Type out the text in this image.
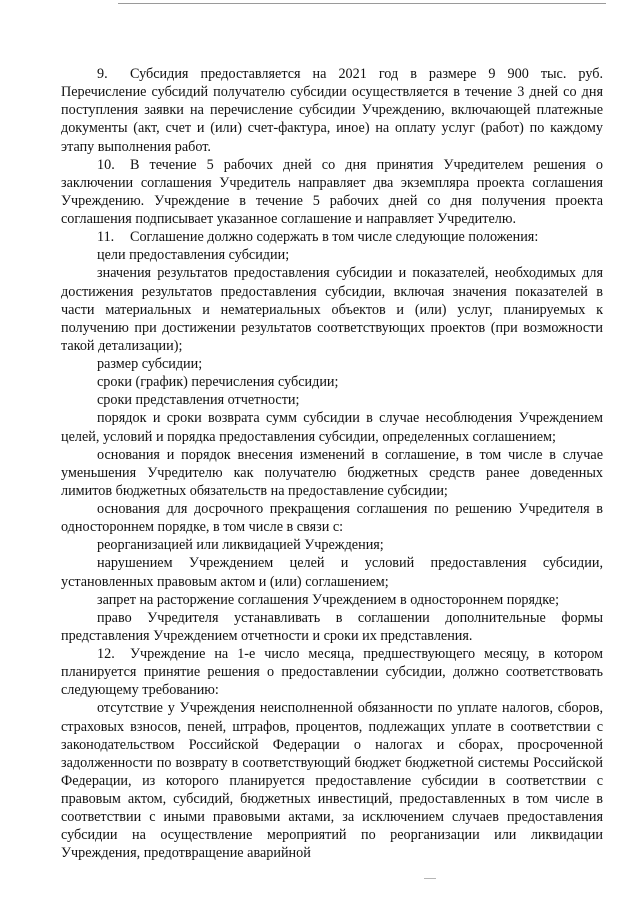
9. Субсидия предоставляется на 2021 год в размере 9 900 тыс. руб. Перечисление субсидий получателю субсидии осуществляется в течение 3 дней со дня поступления заявки на перечисление субсидии Учреждению, включающей платежные документы (акт, счет и (или) счет-фактура, иное) на оплату услуг (работ) по каждому этапу выполнения работ.

10. В течение 5 рабочих дней со дня принятия Учредителем решения о заключении соглашения Учредитель направляет два экземпляра проекта соглашения Учреждению. Учреждение в течение 5 рабочих дней со дня получения проекта соглашения подписывает указанное соглашение и направляет Учредителю.

11. Соглашение должно содержать в том числе следующие положения:

цели предоставления субсидии;

значения результатов предоставления субсидии и показателей, необходимых для достижения результатов предоставления субсидии, включая значения показателей в части материальных и нематериальных объектов и (или) услуг, планируемых к получению при достижении результатов соответствующих проектов (при возможности такой детализации);

размер субсидии;

сроки (график) перечисления субсидии;

сроки представления отчетности;

порядок и сроки возврата сумм субсидии в случае несоблюдения Учреждением целей, условий и порядка предоставления субсидии, определенных соглашением;

основания и порядок внесения изменений в соглашение, в том числе в случае уменьшения Учредителю как получателю бюджетных средств ранее доведенных лимитов бюджетных обязательств на предоставление субсидии;

основания для досрочного прекращения соглашения по решению Учредителя в одностороннем порядке, в том числе в связи с:

реорганизацией или ликвидацией Учреждения;

нарушением Учреждением целей и условий предоставления субсидии, установленных правовым актом и (или) соглашением;

запрет на расторжение соглашения Учреждением в одностороннем порядке;

право Учредителя устанавливать в соглашении дополнительные формы представления Учреждением отчетности и сроки их представления.

12. Учреждение на 1-е число месяца, предшествующего месяцу, в котором планируется принятие решения о предоставлении субсидии, должно соответствовать следующему требованию:

отсутствие у Учреждения неисполненной обязанности по уплате налогов, сборов, страховых взносов, пеней, штрафов, процентов, подлежащих уплате в соответствии с законодательством Российской Федерации о налогах и сборах, просроченной задолженности по возврату в соответствующий бюджет бюджетной системы Российской Федерации, из которого планируется предоставление субсидии в соответствии с правовым актом, субсидий, бюджетных инвестиций, предоставленных в том числе в соответствии с иными правовыми актами, за исключением случаев предоставления субсидии на осуществление мероприятий по реорганизации или ликвидации Учреждения, предотвращение аварийной
